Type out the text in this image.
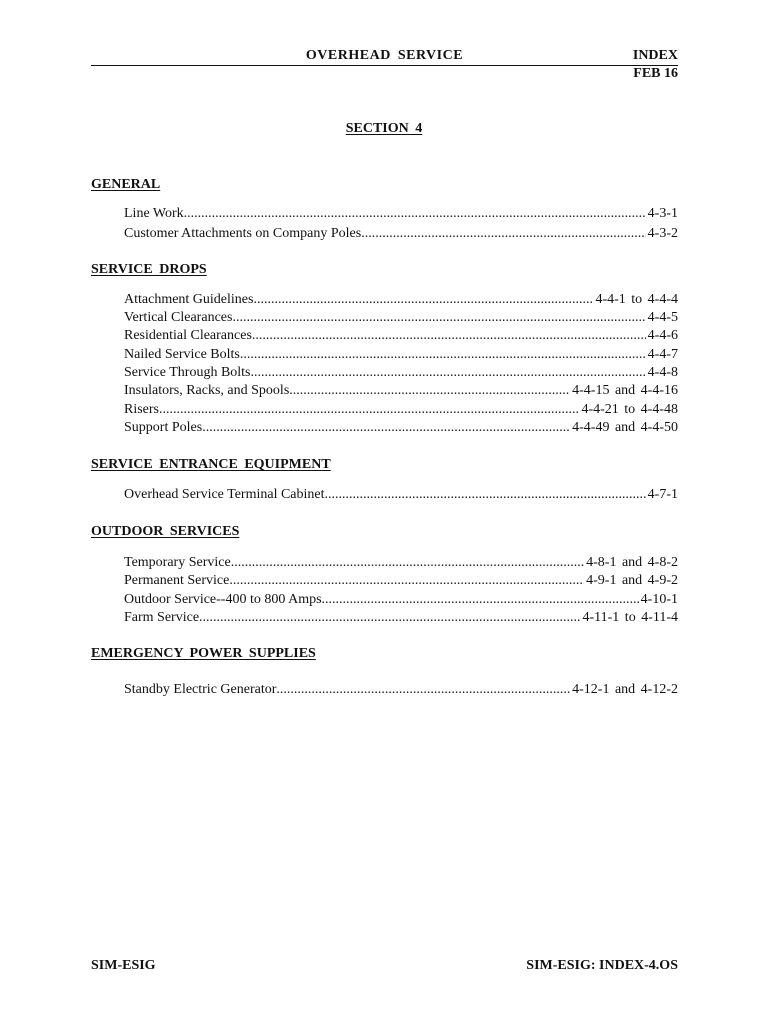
OVERHEAD SERVICE	INDEX
FEB 16
SECTION 4
GENERAL
Line Work .....	4-3-1
Customer Attachments on Company Poles .....	4-3-2
SERVICE DROPS
Attachment Guidelines .....	4-4-1 to 4-4-4
Vertical Clearances .....	4-4-5
Residential Clearances .....	4-4-6
Nailed Service Bolts .....	4-4-7
Service Through Bolts .....	4-4-8
Insulators, Racks, and Spools .....	4-4-15 and 4-4-16
Risers .....	4-4-21 to 4-4-48
Support Poles .....	4-4-49 and 4-4-50
SERVICE ENTRANCE EQUIPMENT
Overhead Service Terminal Cabinet .....	4-7-1
OUTDOOR SERVICES
Temporary Service .....	4-8-1 and 4-8-2
Permanent Service .....	4-9-1 and 4-9-2
Outdoor Service--400 to 800 Amps .....	4-10-1
Farm Service .....	4-11-1 to 4-11-4
EMERGENCY POWER SUPPLIES
Standby Electric Generator .....	4-12-1 and 4-12-2
SIM-ESIG	SIM-ESIG: INDEX-4.OS
